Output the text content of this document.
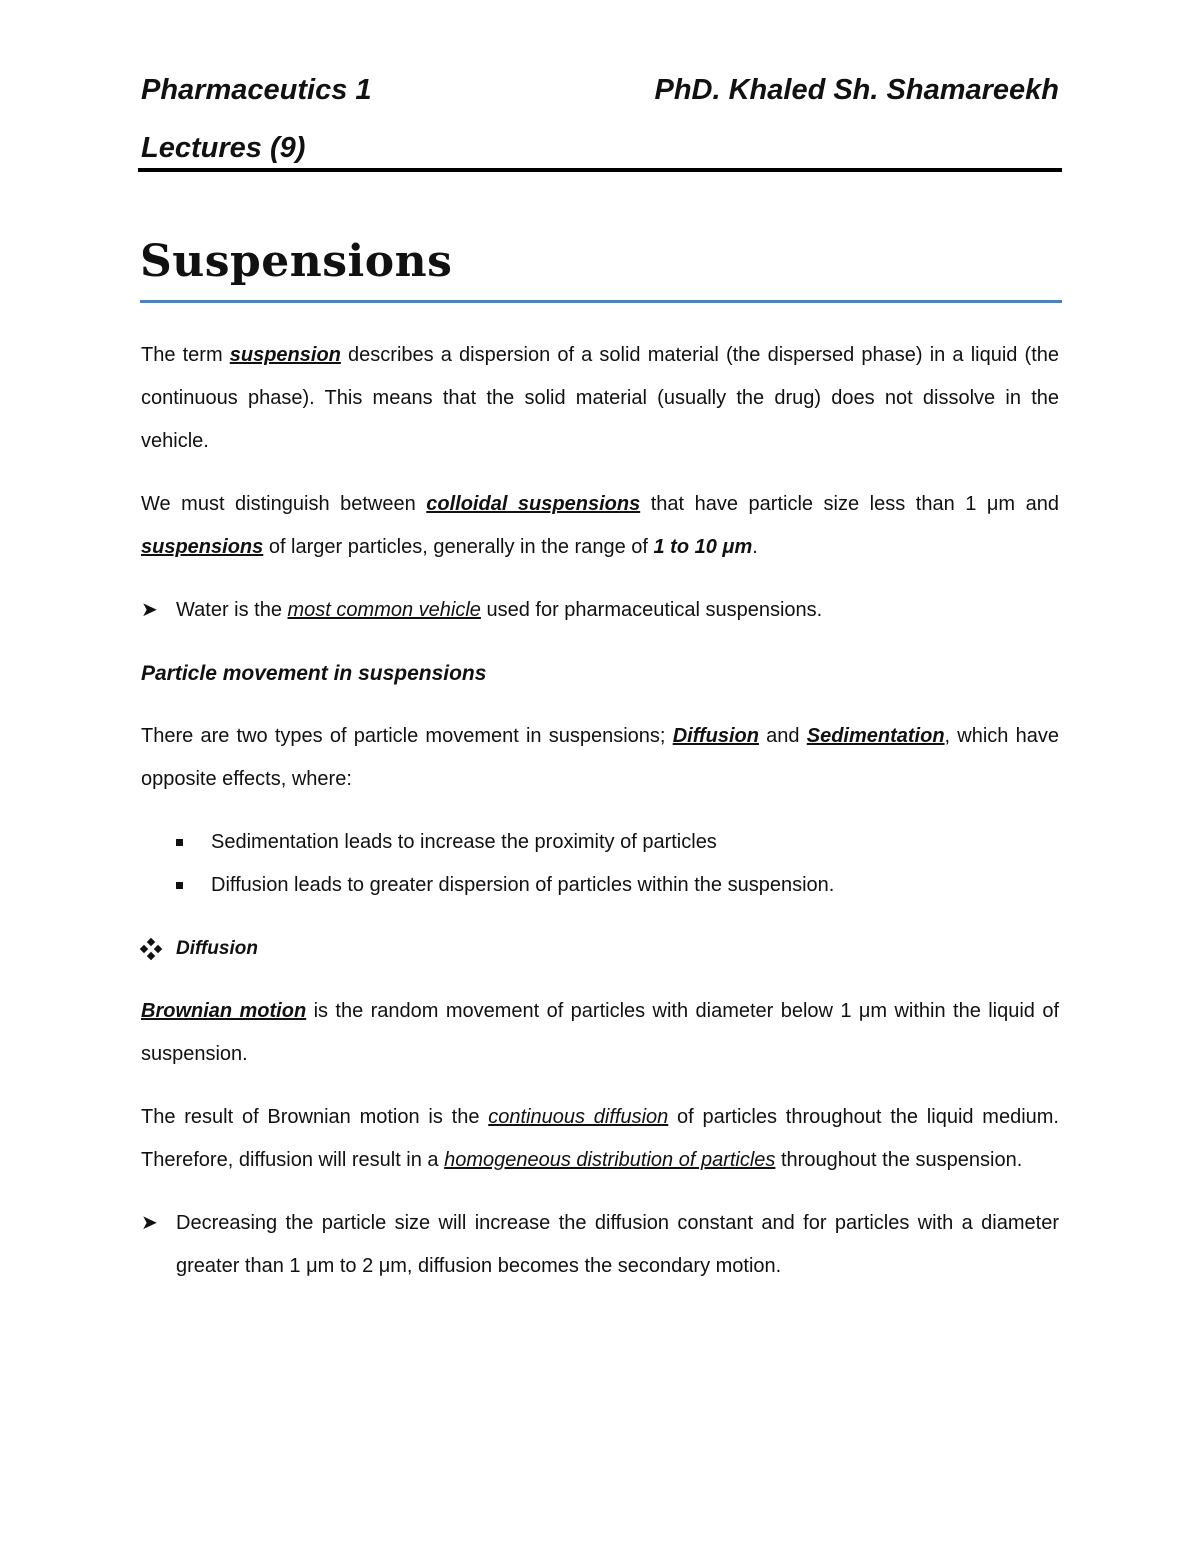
Pharmaceutics 1	PhD. Khaled Sh. Shamareekh
Lectures (9)
Suspensions

The term suspension describes a dispersion of a solid material (the dispersed phase) in a liquid (the continuous phase). This means that the solid material (usually the drug) does not dissolve in the vehicle.

We must distinguish between colloidal suspensions that have particle size less than 1 μm and suspensions of larger particles, generally in the range of 1 to 10 μm.

➤ Water is the most common vehicle used for pharmaceutical suspensions.

Particle movement in suspensions

There are two types of particle movement in suspensions; Diffusion and Sedimentation, which have opposite effects, where:

Sedimentation leads to increase the proximity of particles
Diffusion leads to greater dispersion of particles within the suspension.

Diffusion

Brownian motion is the random movement of particles with diameter below 1 μm within the liquid of suspension.

The result of Brownian motion is the continuous diffusion of particles throughout the liquid medium. Therefore, diffusion will result in a homogeneous distribution of particles throughout the suspension.

➤ Decreasing the particle size will increase the diffusion constant and for particles with a diameter greater than 1 μm to 2 μm, diffusion becomes the secondary motion.
